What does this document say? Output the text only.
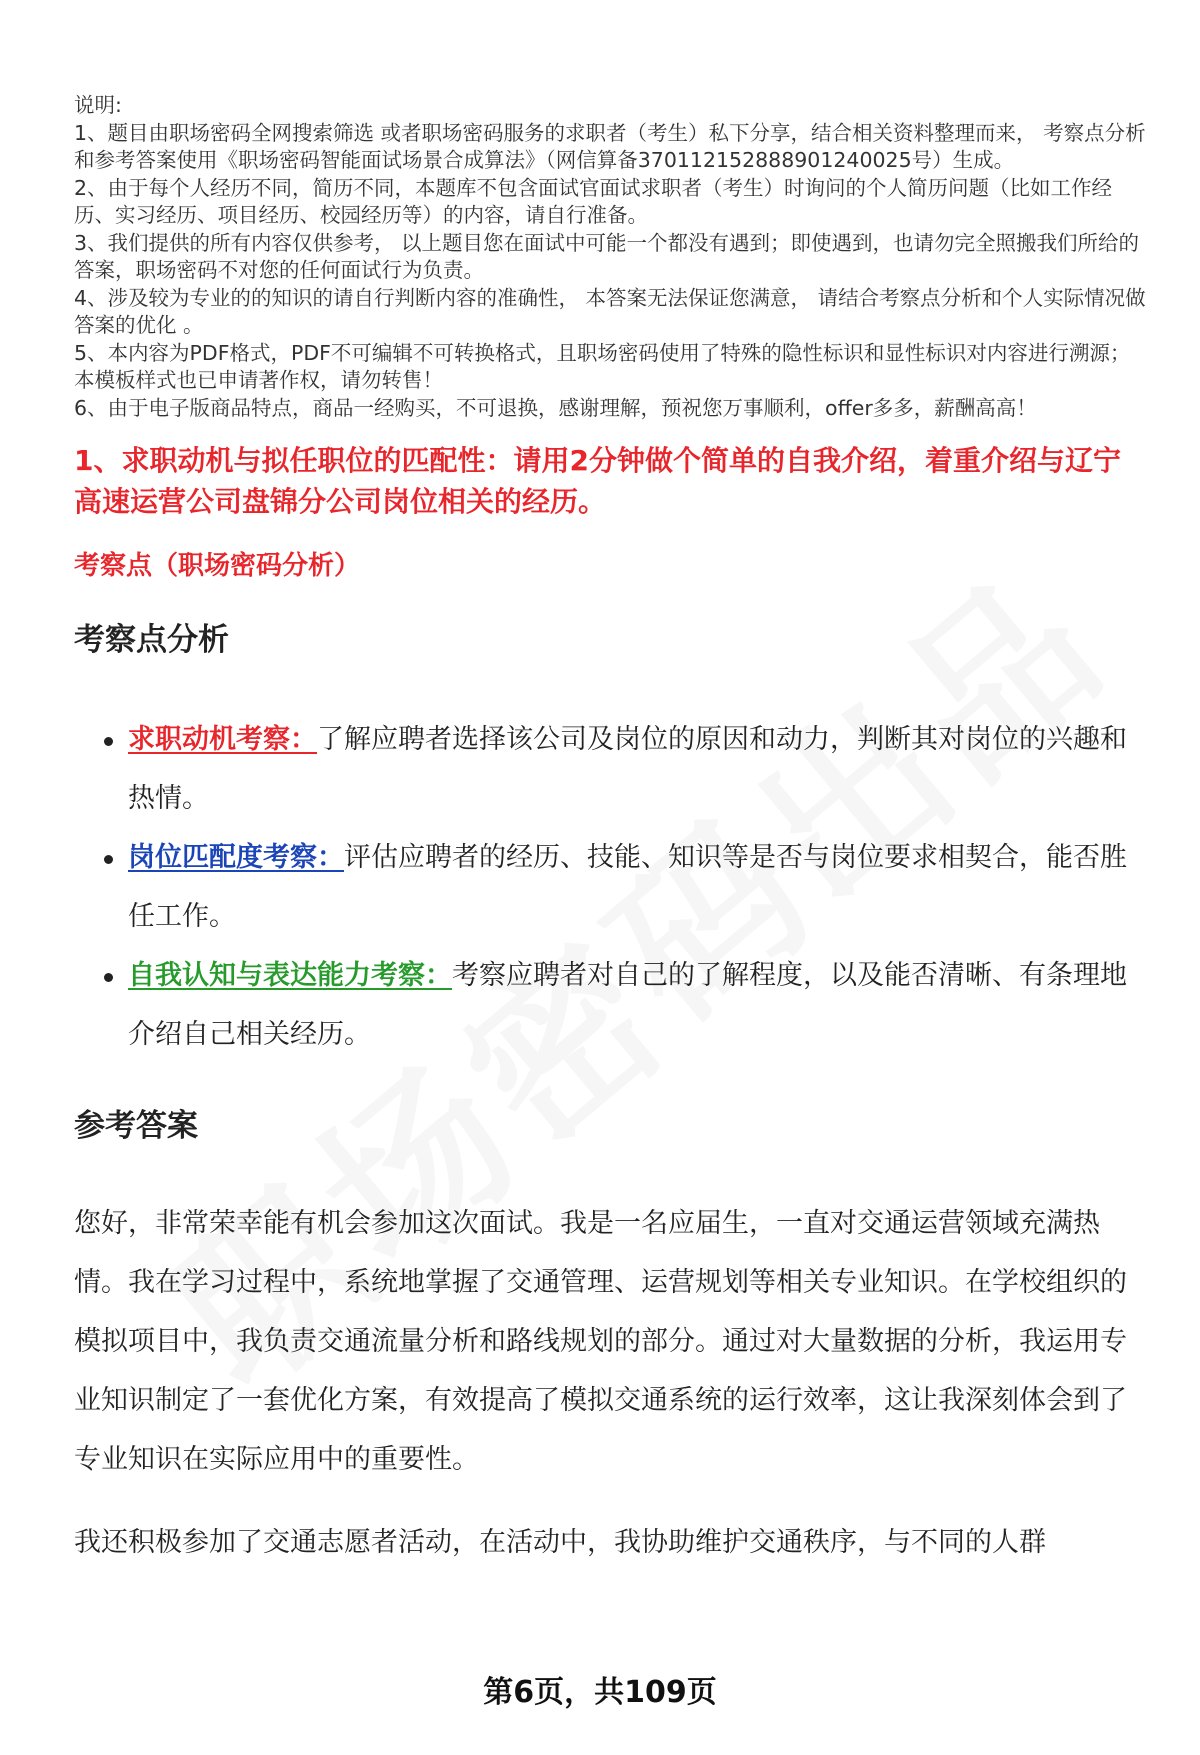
说明:

1、题目由职场密码全网搜索筛选 或者职场密码服务的求职者（考生）私下分享，结合相关资料整理而来， 考察点分析和参考答案使用《职场密码智能面试场景合成算法》（网信算备370112152888901240025号）生成。

2、由于每个人经历不同，简历不同，本题库不包含面试官面试求职者（考生）时询问的个人简历问题（比如工作经历、实习经历、项目经历、校园经历等）的内容，请自行准备。

3、我们提供的所有内容仅供参考， 以上题目您在面试中可能一个都没有遇到；即使遇到，也请勿完全照搬我们所给的答案，职场密码不对您的任何面试行为负责。

4、涉及较为专业的的知识的请自行判断内容的准确性， 本答案无法保证您满意， 请结合考察点分析和个人实际情况做答案的优化 。

5、本内容为PDF格式，PDF不可编辑不可转换格式，且职场密码使用了特殊的隐性标识和显性标识对内容进行溯源；本模板样式也已申请著作权，请勿转售！

6、由于电子版商品特点，商品一经购买，不可退换，感谢理解，预祝您万事顺利，offer多多，薪酬高高！

1、求职动机与拟任职位的匹配性：请用2分钟做个简单的自我介绍，着重介绍与辽宁高速运营公司盘锦分公司岗位相关的经历。
考察点（职场密码分析）
考察点分析
求职动机考察：了解应聘者选择该公司及岗位的原因和动力，判断其对岗位的兴趣和热情。
岗位匹配度考察：评估应聘者的经历、技能、知识等是否与岗位要求相契合，能否胜任工作。
自我认知与表达能力考察：考察应聘者对自己的了解程度，以及能否清晰、有条理地介绍自己相关经历。
参考答案

您好，非常荣幸能有机会参加这次面试。我是一名应届生，一直对交通运营领域充满热情。我在学习过程中，系统地掌握了交通管理、运营规划等相关专业知识。在学校组织的模拟项目中，我负责交通流量分析和路线规划的部分。通过对大量数据的分析，我运用专业知识制定了一套优化方案，有效提高了模拟交通系统的运行效率，这让我深刻体会到了专业知识在实际应用中的重要性。

我还积极参加了交通志愿者活动，在活动中，我协助维护交通秩序，与不同的人群

第6页，共109页
